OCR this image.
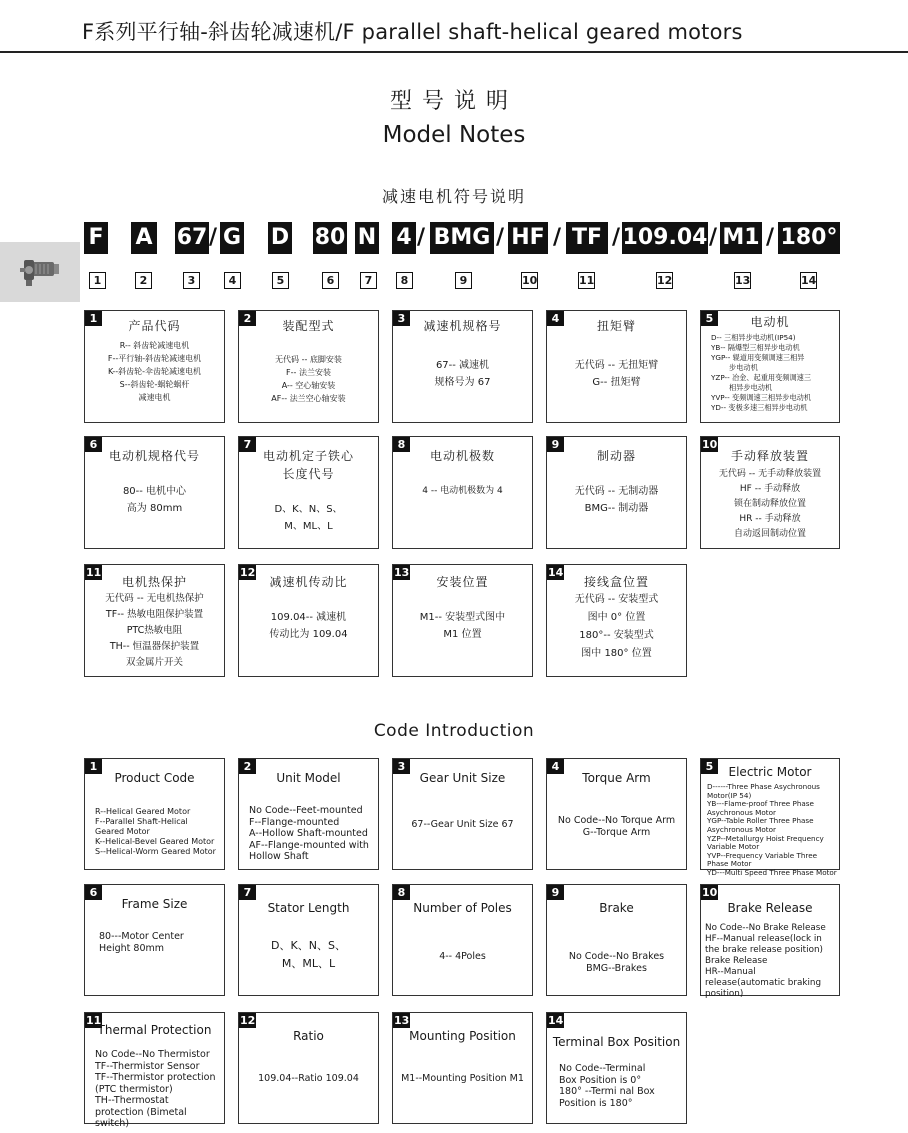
F系列平行轴-斜齿轮减速机/F parallel shaft-helical geared motors
型号说明
Model Notes
减速电机符号说明
F A 67 / G D 80 N 4 / BMG / HF / TF / 109.04 / M1 / 180°
1	2	3	4	5	6	7	8	9	10	11	12	13	14
1
产品代码
R-- 斜齿轮减速电机
F--平行轴-斜齿轮减速电机
K--斜齿轮-伞齿轮减速电机
S--斜齿轮-蜗轮蜗杆
减速电机
2
装配型式
无代码 -- 底脚安装
F-- 法兰安装
A-- 空心轴安装
AF-- 法兰空心轴安装
3
减速机规格号
67-- 减速机
规格号为 67
4
扭矩臂
无代码 -- 无扭矩臂
G-- 扭矩臂
5	电动机
D-- 三相异步电动机(IP54)
YB-- 隔爆型三相异步电动机
YGP-- 辊道用变频调速三相异
步电动机
YZP-- 冶金、起重用变频调速三
相异步电动机
YVP-- 变频调速三相异步电动机
YD-- 变极多速三相异步电动机
6
电动机规格代号
80-- 电机中心
高为 80mm
7
电动机定子铁心
长度代号
D、K、N、S、
M、ML、L
8
电动机极数
4 -- 电动机极数为 4
9
制动器
无代码 -- 无制动器
BMG-- 制动器
10
手动释放装置
无代码 -- 无手动释放装置
HF -- 手动释放
锁在制动释放位置
HR -- 手动释放
自动返回制动位置
11
电机热保护
无代码 -- 无电机热保护
TF-- 热敏电阻保护装置
PTC热敏电阻
TH-- 恒温器保护装置
双金属片开关
12
减速机传动比
109.04-- 减速机
传动比为 109.04
13
安装位置
M1-- 安装型式图中
M1 位置
14
接线盒位置
无代码 -- 安装型式
图中 0° 位置
180°-- 安装型式
图中 180° 位置
Code Introduction
1
Product Code
R--Helical Geared Motor
F--Parallel Shaft-Helical Geared Motor
K--Helical-Bevel Geared Motor
S--Helical-Worm Geared Motor
2
Unit Model
No Code--Feet-mounted
F--Flange-mounted
A--Hollow Shaft-mounted
AF--Flange-mounted with Hollow Shaft
3
Gear Unit Size
67--Gear Unit Size 67
4
Torque Arm
No Code--No Torque Arm
G--Torque Arm
5	Electric Motor
D------Three Phase Asychronous Motor(IP 54)
YB---Flame-proof Three Phase Asychronous Motor
YGP--Table Roller Three Phase Asychronous Motor
YZP--Metallurgy Hoist Frequency Variable Motor
YVP--Frequency Variable Three Phase Motor
YD---Multi Speed Three Phase Motor
6
Frame Size
80---Motor Center Height 80mm
7
Stator Length
D、K、N、S、
M、ML、L
8
Number of Poles
4-- 4Poles
9
Brake
No Code--No Brakes
BMG--Brakes
10
Brake Release
No Code--No Brake Release
HF--Manual release(lock in the brake release position)
Brake Release
HR--Manual release(automatic braking position)
11
Thermal Protection
No Code--No Thermistor
TF--Thermistor Sensor
TF--Thermistor protection (PTC thermistor)
TH--Thermostat protection (Bimetal switch)
12
Ratio
109.04--Ratio 109.04
13
Mounting Position
M1--Mounting Position M1
14
Terminal Box Position
No Code--Terminal Box Position is 0°
180° --Termi nal Box Position is 180°
